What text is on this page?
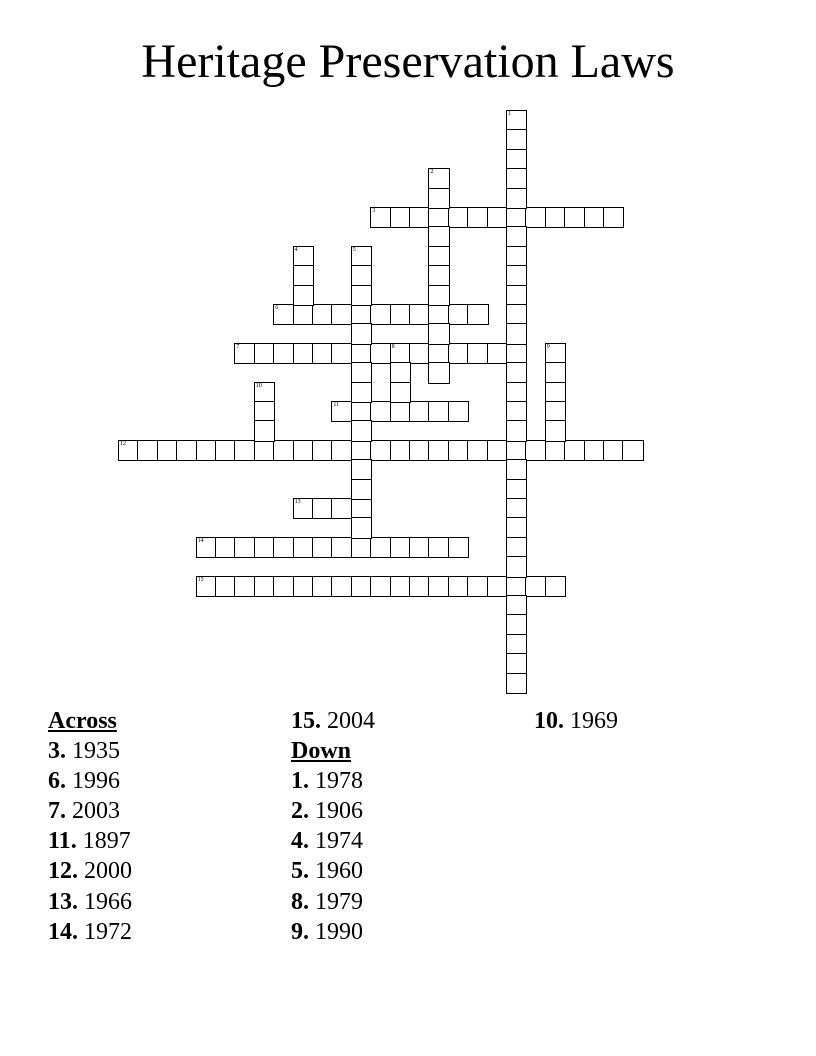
Heritage Preservation Laws
3
6
7	8
11
12
13
14
15
1
2
4	5
9
10
Across
3. 1935
6. 1996
7. 2003
11. 1897
12. 2000
13. 1966
14. 1972
15. 2004
Down
1. 1978
2. 1906
4. 1974
5. 1960
8. 1979
9. 1990
10. 1969
